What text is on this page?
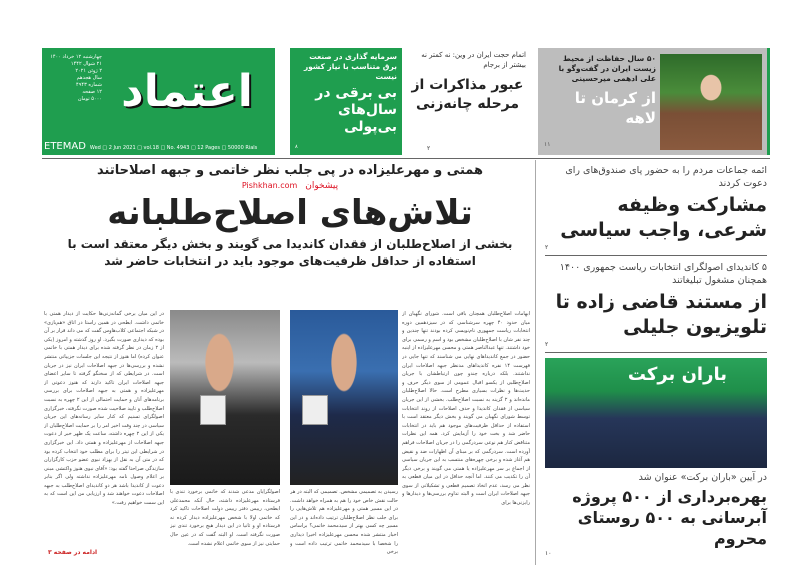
اعتماد
چهارشنبه ۱۲ خرداد ۱۴۰۰
۲۱ شوال ۱۴۴۲
۲ ژوئن ۲۰۲۱
سال هجدهم
شماره ۴۹۴۳
۱۲ صفحه
۵۰۰۰ تومان
ETEMAD Wed □ 2 Jun 2021 □ vol.18 □ No. 4943 □ 12 Pages □ 50000 Rials
سرمایه گذاری در صنعت برق متناسب با نیاز کشور نیست
بی برقی در سال‌های بی‌پولی
۸
اتمام حجت ایران در وین: نه کمتر نه بیشتر از برجام
عبور مذاکرات از مرحله چانه‌زنی
۲
۵۰ سال حفاظت از محیط زیست ایران در گفت‌وگو با علی ادهمی میرحسینی
از کرمان تا لاهه
۱۱
همتی و مهرعلیزاده در پی جلب نظر خاتمی و جبهه اصلاحاتند
Pishkhan.com پیشخوان
تلاش‌های اصلاح‌طلبانه
بخشی از اصلاح‌طلبان از فقدان کاندیدا می گویند و بخش دیگر معتقد است با استفاده از حداقل ظرفیت‌های موجود باید در انتخابات حاضر شد
ابهامات اصلاح‌طلبان همچنان باقی است. شورای نگهبان از میان حدود ۴۰ چهره سرشناسی که در سیزدهمین دوره انتخابات ریاست جمهوری نام‌نویسی کرده بودند تنها چندین و چند نفر شان با اصلاح‌طلبان مشخص بود و اسم و رسمی برای خود داشتند. تنها عبدالناصر همتی و محسن مهرعلیزاده از اینبه حضور در جمع کاندیداهای نهایی می شناسند که تنها جایی در فهرست ۱۴ نفره کاندیداهای مدنظر جبهه اصلاحات ایران نداشتند. بلکه درباره چندو چون ارتباطشان با جریان اصلاح‌طلبی از یکسو اقبال عمومی از سوی دیگر حرف و حدیث‌ها و نظرات بسیاری مطرح است. حالا اصلاح‌طلبان مانده‌اند و ۲ گزینه به نسبت اصلاح‌طلب. بخشی از این جریان سیاسی از فقدان کاندیدا و حذف اصلاحات از روند انتخابات توسط شورای نگهبان می گویند و بخش دیگر معتقد است با استفاده از حداقل ظرفیت‌های موجود هم باید در انتخابات حاضر شد و بخت خود را آزمایش کرد. همه این نظرات متناقض کنار هم نوعی سردرگمی را در جریان اصلاحات فراهم آورده است. سردرگمی که بر مبنای آن اظهارات ضد و نقیض هم آغاز شده و برخی چهره‌های منتسب به این جریان سیاسی از اجماع بر سر مهرعلیزاده یا همتی می گویند و برخی دیگر آن را تکذیب می کنند. اما آنچه حداقل در این میان قطعی به نظر می رسد، عدم اتخاذ تصمیم قطعی و تشکیلاتی از سوی جبهه اصلاحات ایران است و البته تداوم بررسی‌ها و دیدارها و رایزنی‌ها برای
رسیدن به تصمیمی مشخص. تصمیمی که البته در هر حالت نقش خاص خود را هم به همراه خواهد داشت. در این مسیر همتی و مهرعلیزاده هم تلاش‌هایی را برای جلب نظر اصلاح‌طلبان ترتیب داده‌اند و در این مسیر چه کسی بهتر از سیدمحمد خاتمی؟ براساس اخبار منتشر شده محسن مهرعلیزاده اخیرا دیداری را شخصا با سیدمحمد خاتمی ترتیب داده است و برخی
اصولگرایان مدعی شدند که خاتمی برخورد تندی با فرستاده مهرعلیزاده داشته، حال آنکه محمدعلی ابطحی، رییس دفتر رییس دولت اصلاحات تاکید کرد که خاتمی اولا با شخص مهرعلیزاده دیدار کرده نه فرستاده او و ثانیا در این دیدار هیچ برخورد تندی نیز صورت نگرفته است. او البته گفت که در عین حال حمایتی نیز از سوی خاتمی اعلام نشده است.
در این میان برخی گمانه‌زنی‌ها حکایت از دیدار همتی با خاتمی داشت. ابطحی در همین راستا در اتاق «هم‌بازی» در شبکه اجتماعی کلاب‌هاوس گفت که می داند قرار بر آن بوده که دیداری صورت بگیرد. او روز گذشته و امروز (یکی از ۲ زمان در نظر گرفته شده برای دیدار همتی با خاتمی عنوان کرده) اما هنوز از نتیجه این جلسات جزییاتی منتشر نشده و بررسی‌ها در جبهه اصلاحات ایران نیز در جریان است. در شرایطی که از سخنگو گرفته تا سایر اعضای جبهه اصلاحات ایران تاکید دارند که هنوز دعوتی از مهرعلیزاده و همتی به جبهه اصلاحات برای بررسی برنامه‌های آنان و حمایت احتمالی از این ۲ چهره به نسبت اصلاح‌طلب و تایید صلاحیت شده صورت نگرفته، خبرگزاری اصولگرای تسنیم که کنار سایر رسانه‌های این جریان سیاسی در چند وقت اخیر امر را بر حمایت اصلاح‌طلبان از یکی از این ۲ چهره داشته، ساعت یک ظهر خبر از دعوت جبهه اصلاحات از مهرعلیزاده و همتی داد. این خبرگزاری در شرایطی این تیتر را برای مطلب خود انتخاب کرده بود که در متن آن به نقل از بهزاد نبوی عضو حزب کارگزاران سازندگی صراحتا گفته بود: «آقای نبوی هنوز واکنشی مبنی بر اعلام وصول نامه مهرعلیزاده نداشته ولی اگر بنابر دعوت از کاندیدا باشد هر دو کاندیدای اصلاح‌طلب به جبهه اصلاحات دعوت خواهند شد و ارزیابی من این است که به این سمت خواهیم رفت.»
ادامه در صفحه ۳
ائمه جماعات مردم را به حضور پای صندوق‌های رای دعوت کردند
مشارکت وظیفه شرعی، واجب سیاسی
۲
۵ کاندیدای اصولگرای انتخابات ریاست جمهوری ۱۴۰۰ همچنان مشغول تبلیغاتند
از مستند قاضی زاده تا تلویزیون جلیلی
۲
باران برکت
در آیین «باران برکت» عنوان شد
بهره‌برداری از ۵۰۰ پروژه آبرسانی به ۵۰۰ روستای محروم
۱۰
